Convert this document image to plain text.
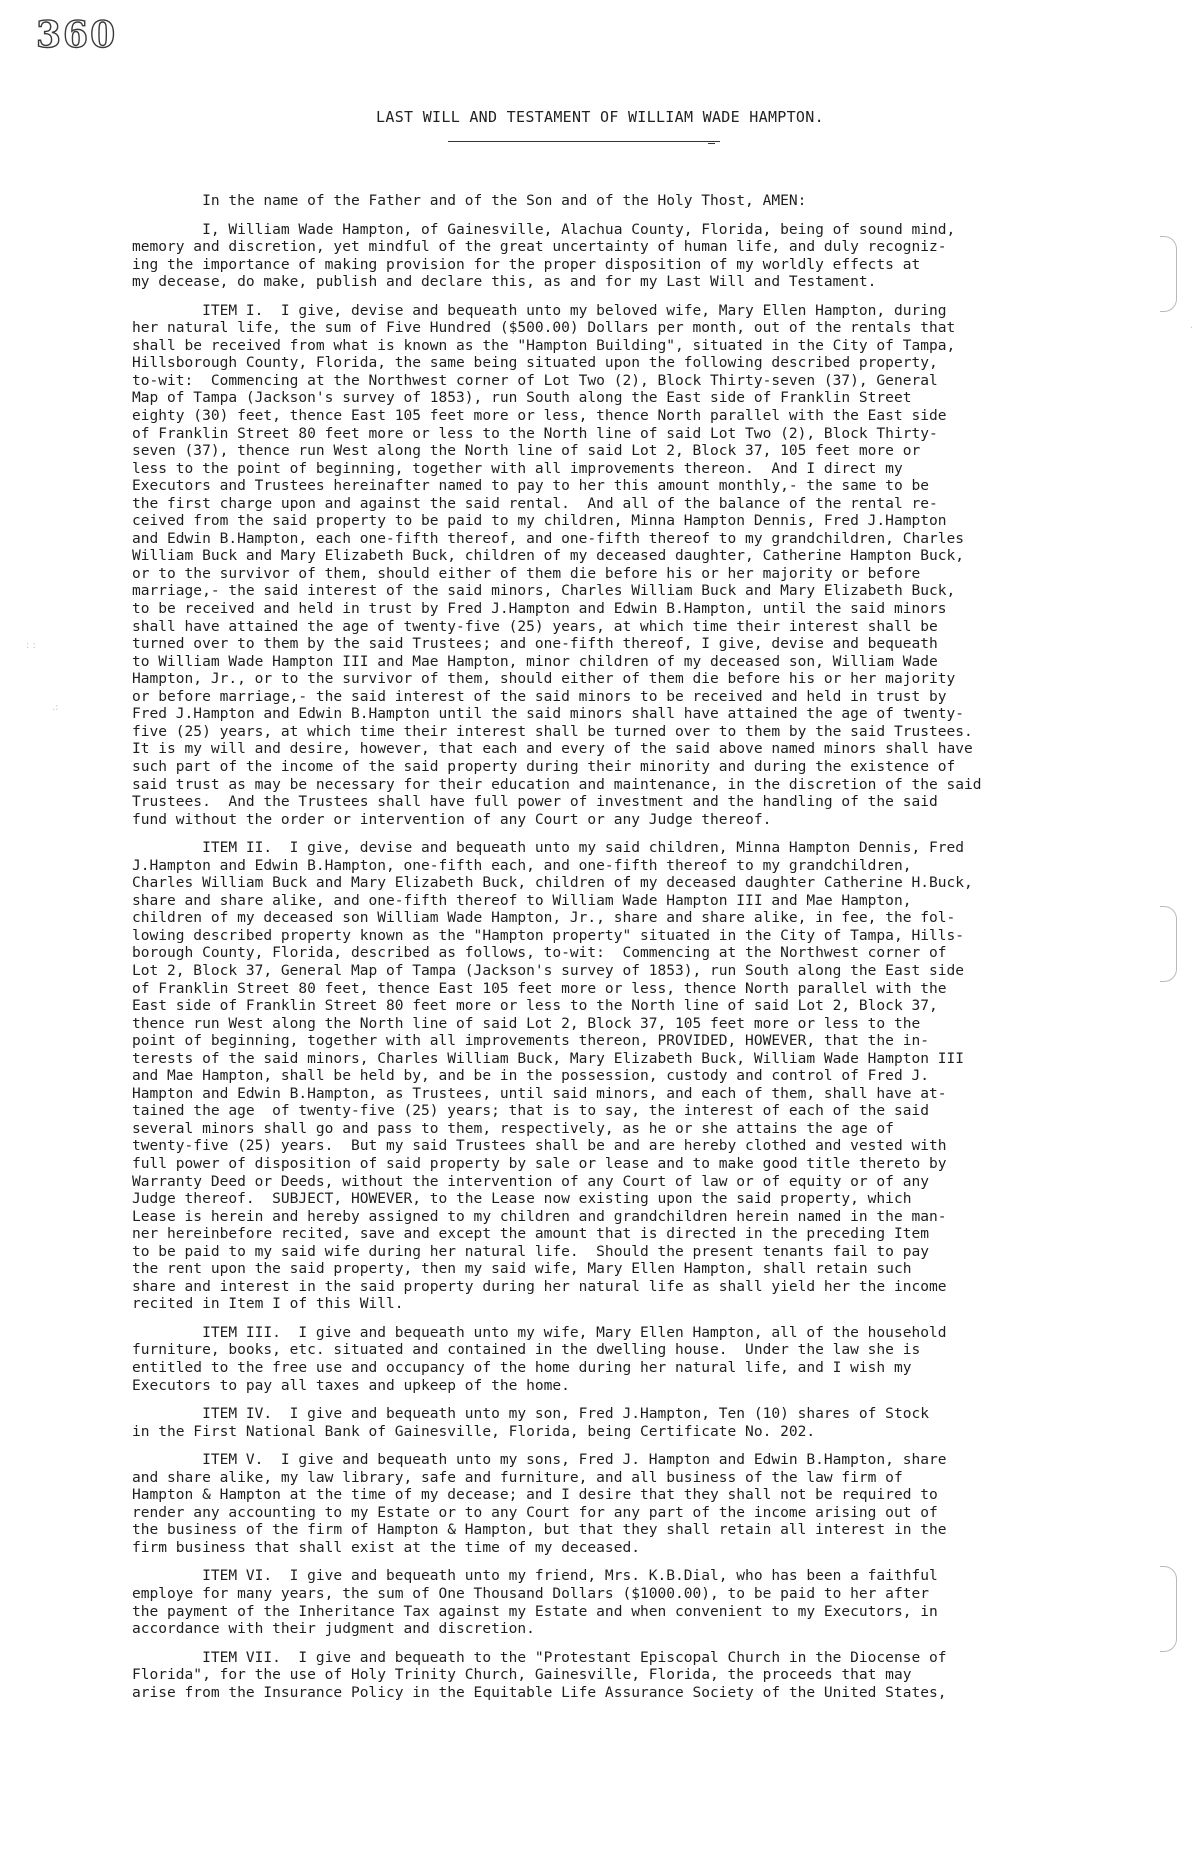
360
LAST WILL AND TESTAMENT OF WILLIAM WADE HAMPTON.
In the name of the Father and of the Son and of the Holy Thost, AMEN:
I, William Wade Hampton, of Gainesville, Alachua County, Florida, being of sound mind,
memory and discretion, yet mindful of the great uncertainty of human life, and duly recogniz-
ing the importance of making provision for the proper disposition of my worldly effects at
my decease, do make, publish and declare this, as and for my Last Will and Testament.
ITEM I.  I give, devise and bequeath unto my beloved wife, Mary Ellen Hampton, during
her natural life, the sum of Five Hundred ($500.00) Dollars per month, out of the rentals that
shall be received from what is known as the "Hampton Building", situated in the City of Tampa,
Hillsborough County, Florida, the same being situated upon the following described property,
to-wit:  Commencing at the Northwest corner of Lot Two (2), Block Thirty-seven (37), General
Map of Tampa (Jackson's survey of 1853), run South along the East side of Franklin Street
eighty (30) feet, thence East 105 feet more or less, thence North parallel with the East side
of Franklin Street 80 feet more or less to the North line of said Lot Two (2), Block Thirty-
seven (37), thence run West along the North line of said Lot 2, Block 37, 105 feet more or
less to the point of beginning, together with all improvements thereon.  And I direct my
Executors and Trustees hereinafter named to pay to her this amount monthly,- the same to be
the first charge upon and against the said rental.  And all of the balance of the rental re-
ceived from the said property to be paid to my children, Minna Hampton Dennis, Fred J.Hampton
and Edwin B.Hampton, each one-fifth thereof, and one-fifth thereof to my grandchildren, Charles
William Buck and Mary Elizabeth Buck, children of my deceased daughter, Catherine Hampton Buck,
or to the survivor of them, should either of them die before his or her majority or before
marriage,- the said interest of the said minors, Charles William Buck and Mary Elizabeth Buck,
to be received and held in trust by Fred J.Hampton and Edwin B.Hampton, until the said minors
shall have attained the age of twenty-five (25) years, at which time their interest shall be
turned over to them by the said Trustees; and one-fifth thereof, I give, devise and bequeath
to William Wade Hampton III and Mae Hampton, minor children of my deceased son, William Wade
Hampton, Jr., or to the survivor of them, should either of them die before his or her majority
or before marriage,- the said interest of the said minors to be received and held in trust by
Fred J.Hampton and Edwin B.Hampton until the said minors shall have attained the age of twenty-
five (25) years, at which time their interest shall be turned over to them by the said Trustees.
It is my will and desire, however, that each and every of the said above named minors shall have
such part of the income of the said property during their minority and during the existence of
said trust as may be necessary for their education and maintenance, in the discretion of the said
Trustees.  And the Trustees shall have full power of investment and the handling of the said
fund without the order or intervention of any Court or any Judge thereof.
ITEM II.  I give, devise and bequeath unto my said children, Minna Hampton Dennis, Fred
J.Hampton and Edwin B.Hampton, one-fifth each, and one-fifth thereof to my grandchildren,
Charles William Buck and Mary Elizabeth Buck, children of my deceased daughter Catherine H.Buck,
share and share alike, and one-fifth thereof to William Wade Hampton III and Mae Hampton,
children of my deceased son William Wade Hampton, Jr., share and share alike, in fee, the fol-
lowing described property known as the "Hampton property" situated in the City of Tampa, Hills-
borough County, Florida, described as follows, to-wit:  Commencing at the Northwest corner of
Lot 2, Block 37, General Map of Tampa (Jackson's survey of 1853), run South along the East side
of Franklin Street 80 feet, thence East 105 feet more or less, thence North parallel with the
East side of Franklin Street 80 feet more or less to the North line of said Lot 2, Block 37,
thence run West along the North line of said Lot 2, Block 37, 105 feet more or less to the
point of beginning, together with all improvements thereon, PROVIDED, HOWEVER, that the in-
terests of the said minors, Charles William Buck, Mary Elizabeth Buck, William Wade Hampton III
and Mae Hampton, shall be held by, and be in the possession, custody and control of Fred J.
Hampton and Edwin B.Hampton, as Trustees, until said minors, and each of them, shall have at-
tained the age  of twenty-five (25) years; that is to say, the interest of each of the said
several minors shall go and pass to them, respectively, as he or she attains the age of
twenty-five (25) years.  But my said Trustees shall be and are hereby clothed and vested with
full power of disposition of said property by sale or lease and to make good title thereto by
Warranty Deed or Deeds, without the intervention of any Court of law or of equity or of any
Judge thereof.  SUBJECT, HOWEVER, to the Lease now existing upon the said property, which
Lease is herein and hereby assigned to my children and grandchildren herein named in the man-
ner hereinbefore recited, save and except the amount that is directed in the preceding Item
to be paid to my said wife during her natural life.  Should the present tenants fail to pay
the rent upon the said property, then my said wife, Mary Ellen Hampton, shall retain such
share and interest in the said property during her natural life as shall yield her the income
recited in Item I of this Will.
ITEM III.  I give and bequeath unto my wife, Mary Ellen Hampton, all of the household
furniture, books, etc. situated and contained in the dwelling house.  Under the law she is
entitled to the free use and occupancy of the home during her natural life, and I wish my
Executors to pay all taxes and upkeep of the home.
ITEM IV.  I give and bequeath unto my son, Fred J.Hampton, Ten (10) shares of Stock
in the First National Bank of Gainesville, Florida, being Certificate No. 202.
ITEM V.  I give and bequeath unto my sons, Fred J. Hampton and Edwin B.Hampton, share
and share alike, my law library, safe and furniture, and all business of the law firm of
Hampton & Hampton at the time of my decease; and I desire that they shall not be required to
render any accounting to my Estate or to any Court for any part of the income arising out of
the business of the firm of Hampton & Hampton, but that they shall retain all interest in the
firm business that shall exist at the time of my deceased.
ITEM VI.  I give and bequeath unto my friend, Mrs. K.B.Dial, who has been a faithful
employe for many years, the sum of One Thousand Dollars ($1000.00), to be paid to her after
the payment of the Inheritance Tax against my Estate and when convenient to my Executors, in
accordance with their judgment and discretion.
ITEM VII.  I give and bequeath to the "Protestant Episcopal Church in the Diocense of
Florida", for the use of Holy Trinity Church, Gainesville, Florida, the proceeds that may
arise from the Insurance Policy in the Equitable Life Assurance Society of the United States,
: :
.:
.
